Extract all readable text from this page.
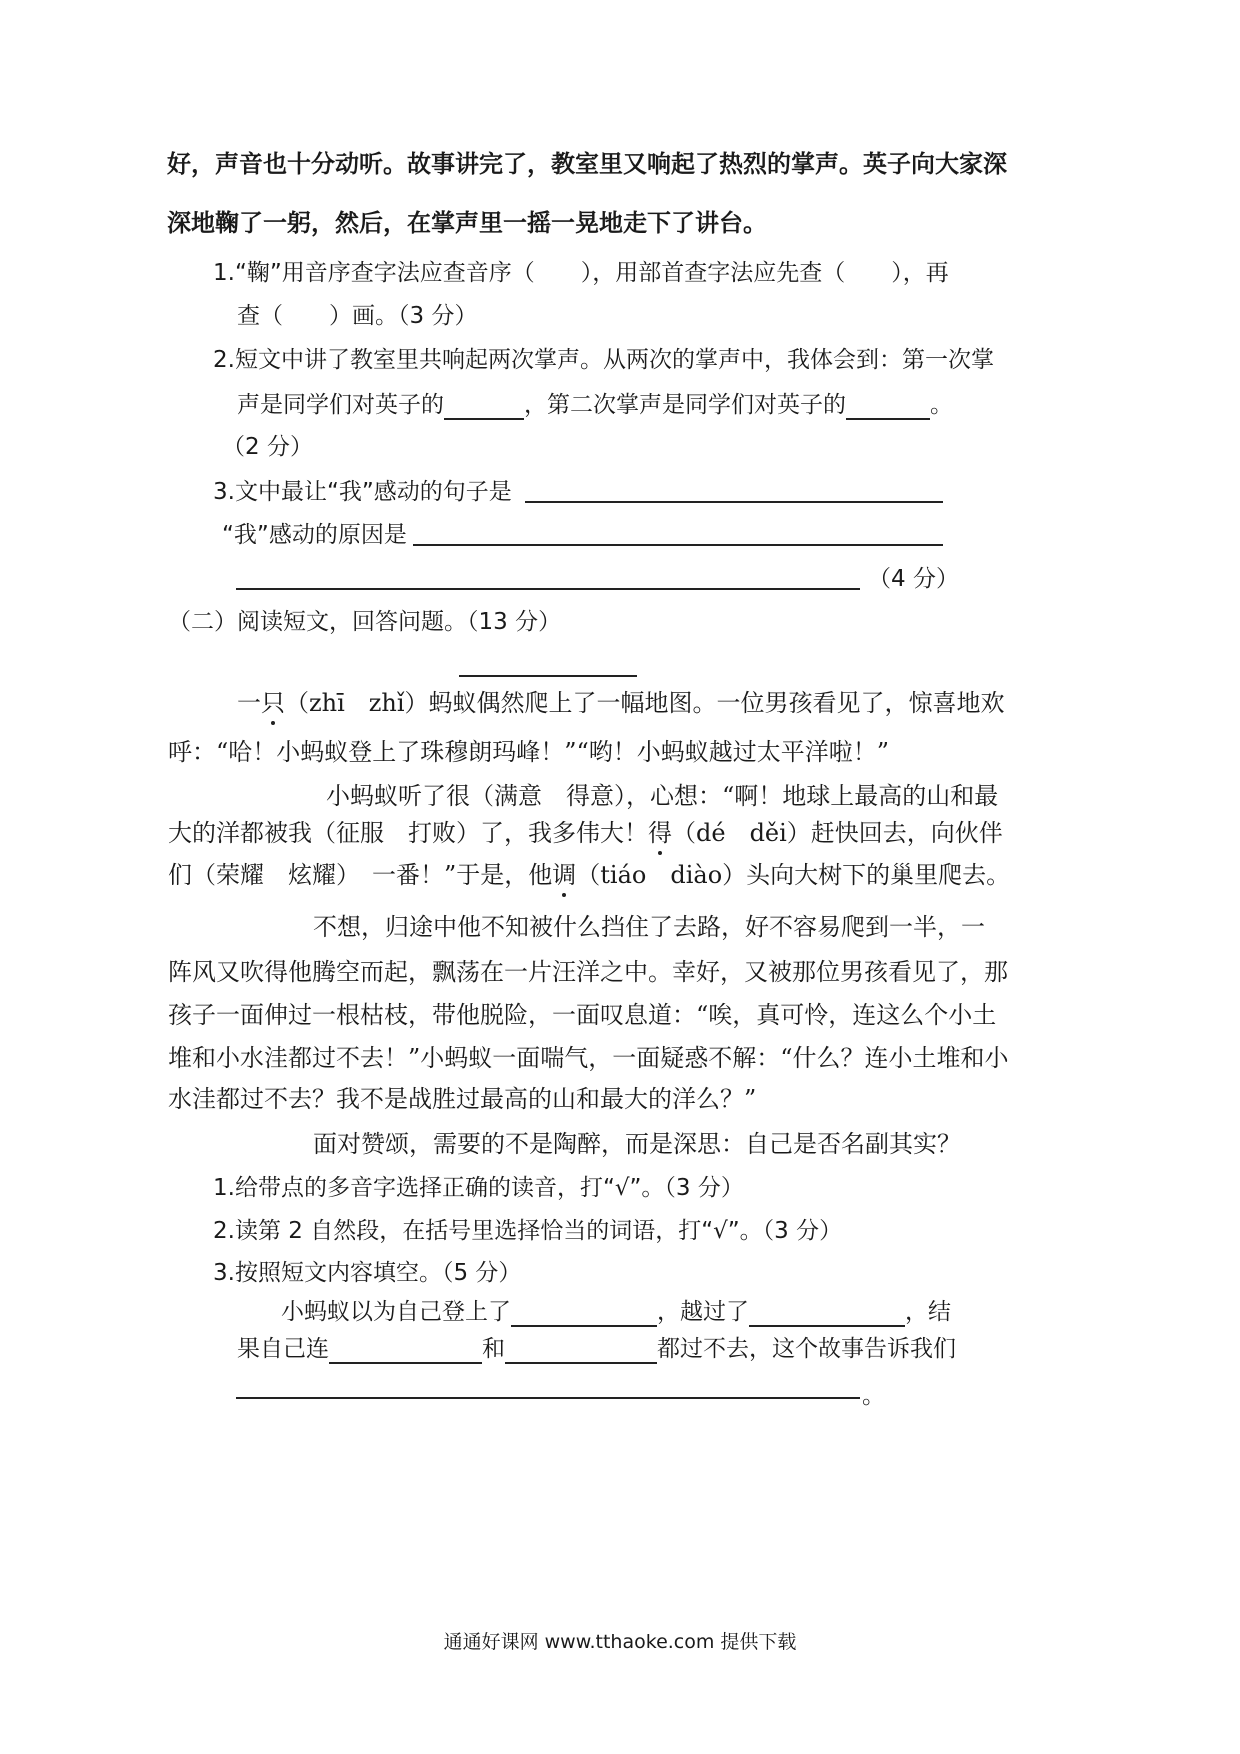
好，声音也十分动听。故事讲完了，教室里又响起了热烈的掌声。英子向大家深
深地鞠了一躬，然后，在掌声里一摇一晃地走下了讲台。
1.“鞠”用音序查字法应查音序（　　），用部首查字法应先查（　　），再
查（　　）画。（3 分）
2.短文中讲了教室里共响起两次掌声。从两次的掌声中，我体会到：第一次掌
声是同学们对英子的	，第二次掌声是同学们对英子的	。
（2 分）
3.文中最让“我”感动的句子是
“我”感动的原因是
（4 分）
（二）阅读短文，回答问题。（13 分）
一只（zhī　zhǐ）蚂蚁偶然爬上了一幅地图。一位男孩看见了，惊喜地欢
呼：“哈！小蚂蚁登上了珠穆朗玛峰！”“哟！小蚂蚁越过太平洋啦！”
小蚂蚁听了很（满意　得意），心想：“啊！地球上最高的山和最
大的洋都被我（征服　打败）了，我多伟大！得（dé　děi）赶快回去，向伙伴
们（荣耀　炫耀）　一番！”于是，他调（tiáo　diào）头向大树下的巢里爬去。
不想，归途中他不知被什么挡住了去路，好不容易爬到一半，一
阵风又吹得他腾空而起，飘荡在一片汪洋之中。幸好，又被那位男孩看见了，那
孩子一面伸过一根枯枝，带他脱险，一面叹息道：“唉，真可怜，连这么个小土
堆和小水洼都过不去！”小蚂蚁一面喘气，一面疑惑不解：“什么？连小土堆和小
水洼都过不去？我不是战胜过最高的山和最大的洋么？”
面对赞颂，需要的不是陶醉，而是深思：自己是否名副其实？
1.给带点的多音字选择正确的读音，打“√”。（3 分）
2.读第 2 自然段，在括号里选择恰当的词语，打“√”。（3 分）
3.按照短文内容填空。（5 分）
小蚂蚁以为自己登上了	，越过了	，结
果自己连	和	都过不去，这个故事告诉我们
。
通通好课网 www.tthaoke.com 提供下载
